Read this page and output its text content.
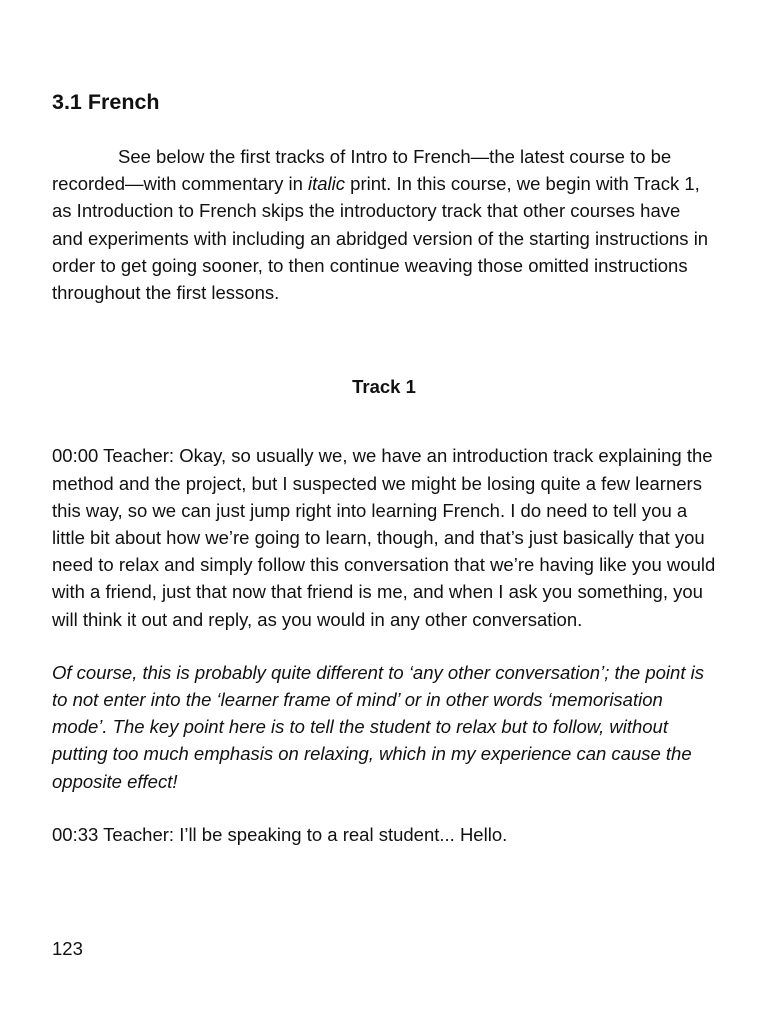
3.1 French

See below the first tracks of Intro to French—the latest course to be recorded—with commentary in italic print. In this course, we begin with Track 1, as Introduction to French skips the introductory track that other courses have and experiments with including an abridged version of the starting instructions in order to get going sooner, to then continue weaving those omitted instructions throughout the first lessons.

Track 1

00:00 Teacher: Okay, so usually we, we have an introduction track explaining the method and the project, but I suspected we might be losing quite a few learners this way, so we can just jump right into learning French. I do need to tell you a little bit about how we’re going to learn, though, and that’s just basically that you need to relax and simply follow this conversation that we’re having like you would with a friend, just that now that friend is me, and when I ask you something, you will think it out and reply, as you would in any other conversation.

Of course, this is probably quite different to ‘any other conversation’; the point is to not enter into the ‘learner frame of mind’ or in other words ‘memorisation mode’. The key point here is to tell the student to relax but to follow, without putting too much emphasis on relaxing, which in my experience can cause the opposite effect!

00:33 Teacher: I’ll be speaking to a real student... Hello.

123
